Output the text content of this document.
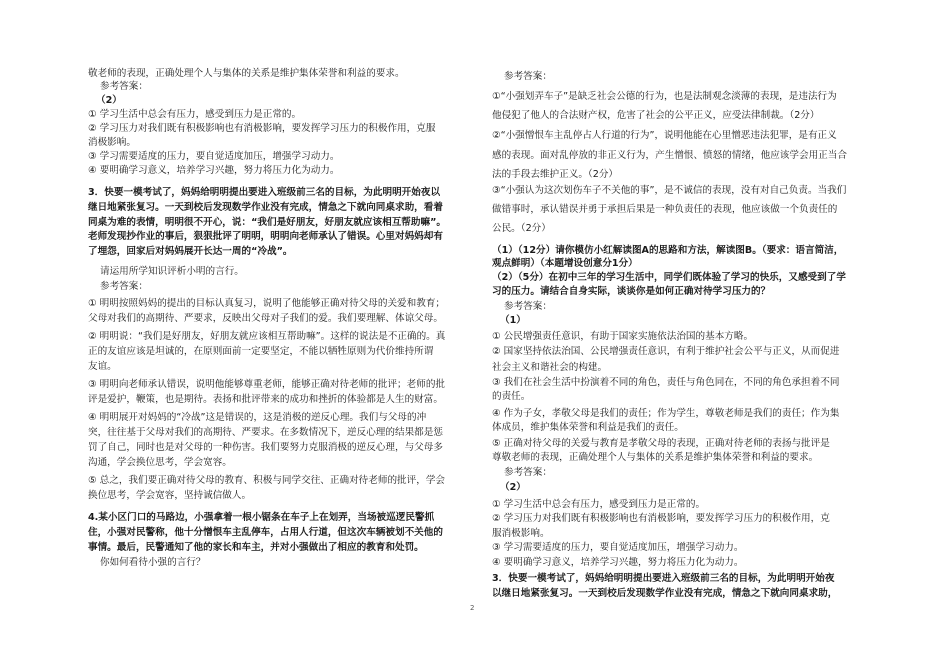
敬老师的表现，正确处理个人与集体的关系是维护集体荣誉和利益的要求。
参考答案：
（2）
① 学习生活中总会有压力，感受到压力是正常的。
② 学习压力对我们既有积极影响也有消极影响，要发挥学习压力的积极作用，克服
消极影响。
③ 学习需要适度的压力，要自觉适度加压，增强学习动力。
④ 要明确学习意义，培养学习兴趣，努力将压力化为动力。
3．快要一模考试了，妈妈给明明提出要进入班级前三名的目标，为此明明开始夜以
继日地紧张复习。一天到校后发现数学作业没有完成，情急之下就向同桌求助，看着
同桌为难的表情，明明很不开心，说：“我们是好朋友，好朋友就应该相互帮助嘛”。
老师发现抄作业的事后，狠狠批评了明明，明明向老师承认了错误。心里对妈妈却有
了埋怨，回家后对妈妈展开长达一周的“冷战”。
请运用所学知识评析小明的言行。
参考答案：
① 明明按照妈妈的提出的目标认真复习，说明了他能够正确对待父母的关爱和教育；
父母对我们的高期待、严要求，反映出父母对子我们的爱。我们要理解、体谅父母。
② 明明说：“我们是好朋友，好朋友就应该相互帮助嘛”。这样的说法是不正确的。真
正的友谊应该是坦诚的，在原则面前一定要坚定，不能以牺牲原则为代价维持所谓
友谊。
③ 明明向老师承认错误，说明他能够尊重老师，能够正确对待老师的批评；老师的批
评是爱护，鞭策，也是期待。表扬和批评带来的成功和挫折的体验都是人生的财富。
④ 明明展开对妈妈的“冷战”这是错误的，这是消极的逆反心理。我们与父母的冲
突，往往基于父母对我们的高期待、严要求。在多数情况下，逆反心理的结果都是惩
罚了自己，同时也是对父母的一种伤害。我们要努力克服消极的逆反心理，与父母多
沟通，学会换位思考，学会宽容。
⑤ 总之，我们要正确对待父母的教育、积极与同学交往、正确对待老师的批评，学会
换位思考，学会宽容，坚持诚信做人。
4.某小区门口的马路边，小强拿着一根小锯条在车子上在划弄，当场被巡逻民警抓
住，小强对民警称，他十分憎恨车主乱停车，占用人行道，但这次车辆被划不关他的
事情。最后，民警通知了他的家长和车主，并对小强做出了相应的教育和处罚。
你如何看待小强的言行？
参考答案：
①“小强划弄车子”是缺乏社会公德的行为，也是法制观念淡薄的表现，是违法行为
他侵犯了他人的合法财产权，危害了社会的公平正义，应受法律制裁。（2分）
②“小强憎恨车主乱停占人行道的行为”，说明他能在心里憎恶违法犯罪，是有正义
感的表现。面对乱停放的非正义行为，产生憎恨、愤怒的情绪，他应该学会用正当合
法的手段去维护正义。（2分）
③“小强认为这次划伤车子不关他的事”，是不诚信的表现，没有对自己负责。当我们
做错事时，承认错误并勇于承担后果是一种负责任的表现，他应该做一个负责任的
公民。（2分）
（1）（12分）请你模仿小红解读图A的思路和方法，解读图B。（要求：语言简洁，
观点鲜明）（本题增设创意分1分）
（2）（5分）在初中三年的学习生活中，同学们既体验了学习的快乐，又感受到了学
习的压力。请结合自身实际，谈谈你是如何正确对待学习压力的？
参考答案：
（1）
① 公民增强责任意识，有助于国家实施依法治国的基本方略。
② 国家坚持依法治国、公民增强责任意识，有利于维护社会公平与正义，从而促进
社会主义和谐社会的构建。
③ 我们在社会生活中扮演着不同的角色，责任与角色同在，不同的角色承担着不同
的责任。
④ 作为子女，孝敬父母是我们的责任；作为学生，尊敬老师是我们的责任；作为集
体成员，维护集体荣誉和利益是我们的责任。
⑤ 正确对待父母的关爱与教育是孝敬父母的表现，正确对待老师的表扬与批评是
尊敬老师的表现，正确处理个人与集体的关系是维护集体荣誉和利益的要求。
参考答案：
（2）
① 学习生活中总会有压力，感受到压力是正常的。
② 学习压力对我们既有积极影响也有消极影响，要发挥学习压力的积极作用，克
服消极影响。
③ 学习需要适度的压力，要自觉适度加压，增强学习动力。
④ 要明确学习意义，培养学习兴趣，努力将压力化为动力。
3．快要一模考试了，妈妈给明明提出要进入班级前三名的目标，为此明明开始夜
以继日地紧张复习。一天到校后发现数学作业没有完成，情急之下就向同桌求助，
2
